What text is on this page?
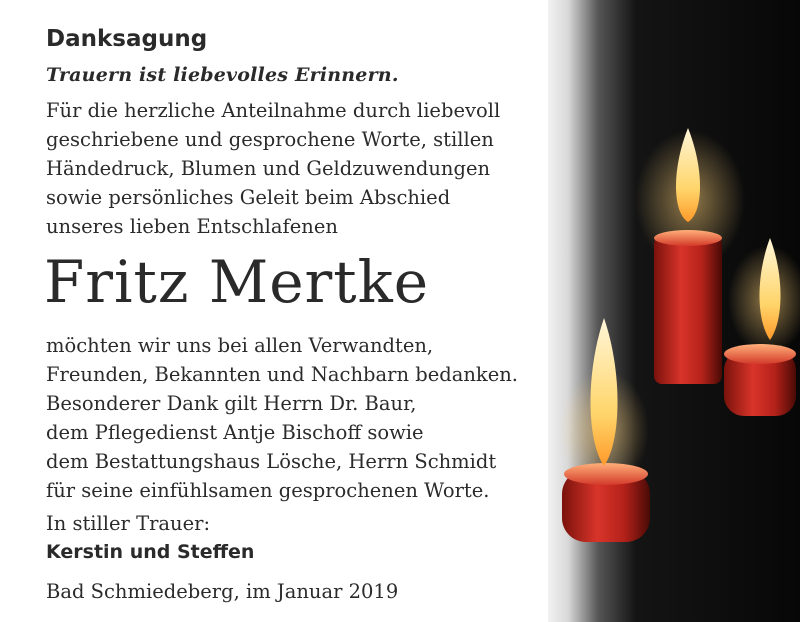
Danksagung
Trauern ist liebevolles Erinnern.
Für die herzliche Anteilnahme durch liebevoll
geschriebene und gesprochene Worte, stillen
Händedruck, Blumen und Geldzuwendungen
sowie persönliches Geleit beim Abschied
unseres lieben Entschlafenen
Fritz Mertke
möchten wir uns bei allen Verwandten,
Freunden, Bekannten und Nachbarn bedanken.
Besonderer Dank gilt Herrn Dr. Baur,
dem Pflegedienst Antje Bischoff sowie
dem Bestattungshaus Lösche, Herrn Schmidt
für seine einfühlsamen gesprochenen Worte.
In stiller Trauer:
Kerstin und Steffen
Bad Schmiedeberg, im Januar 2019
